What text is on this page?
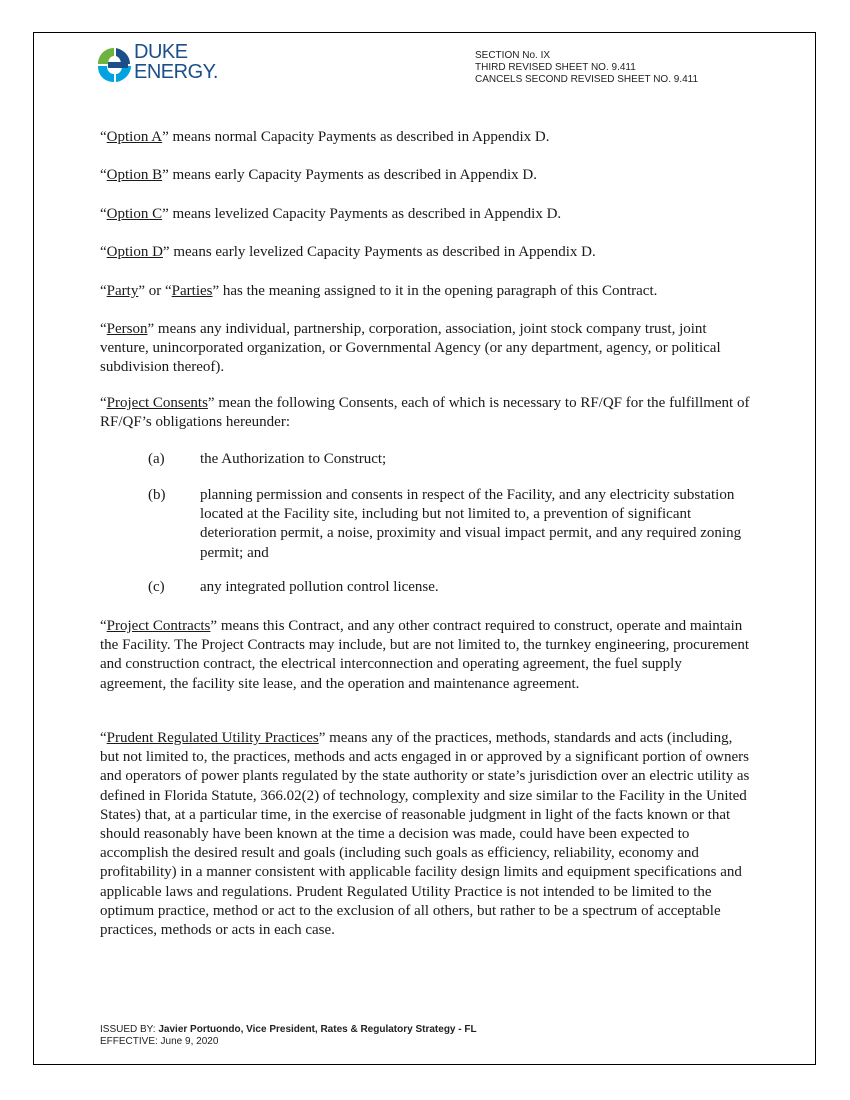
DUKE
ENERGY.
SECTION No. IX
THIRD REVISED SHEET NO. 9.411
CANCELS SECOND REVISED SHEET NO. 9.411

“Option A” means normal Capacity Payments as described in Appendix D.

“Option B” means early Capacity Payments as described in Appendix D.

“Option C” means levelized Capacity Payments as described in Appendix D.

“Option D” means early levelized Capacity Payments as described in Appendix D.

“Party” or “Parties” has the meaning assigned to it in the opening paragraph of this Contract.

“Person” means any individual, partnership, corporation, association, joint stock company trust, joint venture, unincorporated organization, or Governmental Agency (or any department, agency, or political subdivision thereof).

“Project Consents” mean the following Consents, each of which is necessary to RF/QF for the fulfillment of RF/QF’s obligations hereunder:

(a)	the Authorization to Construct;
(b)	planning permission and consents in respect of the Facility, and any electricity substation located at the Facility site, including but not limited to, a prevention of significant deterioration permit, a noise, proximity and visual impact permit, and any required zoning permit; and
(c)	any integrated pollution control license.

“Project Contracts” means this Contract, and any other contract required to construct, operate and maintain the Facility. The Project Contracts may include, but are not limited to, the turnkey engineering, procurement and construction contract, the electrical interconnection and operating agreement, the fuel supply agreement, the facility site lease, and the operation and maintenance agreement.

“Prudent Regulated Utility Practices” means any of the practices, methods, standards and acts (including, but not limited to, the practices, methods and acts engaged in or approved by a significant portion of owners and operators of power plants regulated by the state authority or state’s jurisdiction over an electric utility as defined in Florida Statute, 366.02(2) of technology, complexity and size similar to the Facility in the United States) that, at a particular time, in the exercise of reasonable judgment in light of the facts known or that should reasonably have been known at the time a decision was made, could have been expected to accomplish the desired result and goals (including such goals as efficiency, reliability, economy and profitability) in a manner consistent with applicable facility design limits and equipment specifications and applicable laws and regulations. Prudent Regulated Utility Practice is not intended to be limited to the optimum practice, method or act to the exclusion of all others, but rather to be a spectrum of acceptable practices, methods or acts in each case.

ISSUED BY: Javier Portuondo, Vice President, Rates & Regulatory Strategy - FL
EFFECTIVE: June 9, 2020
